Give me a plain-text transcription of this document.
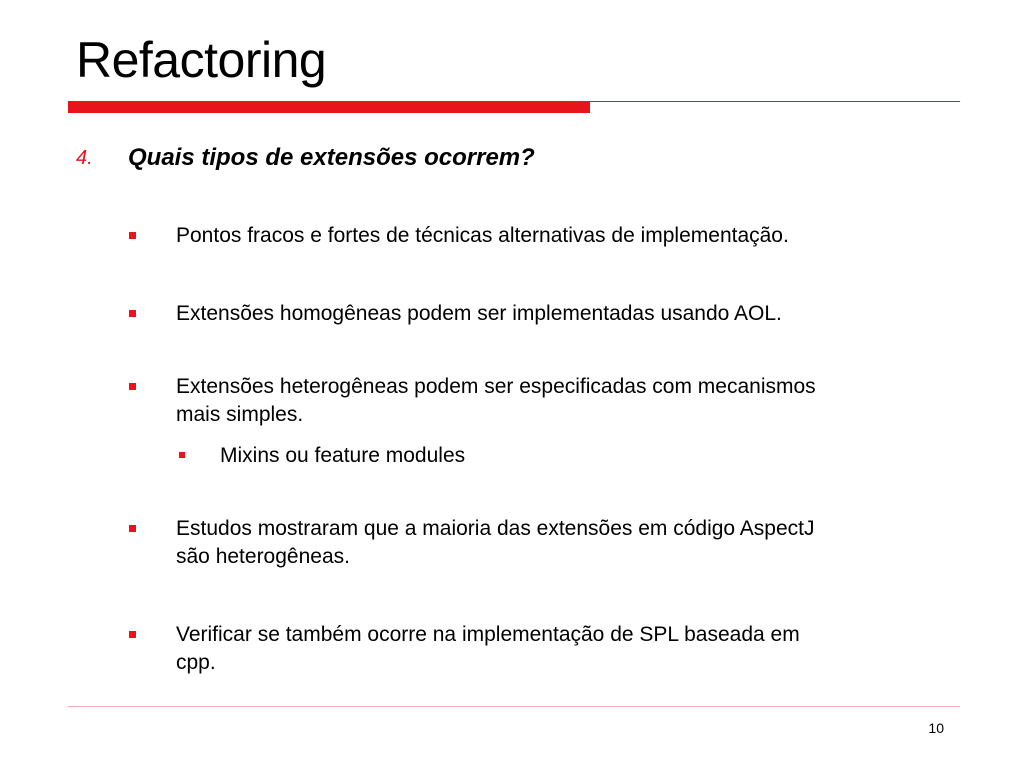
Refactoring
4. Quais tipos de extensões ocorrem?
Pontos fracos e fortes de técnicas alternativas de implementação.
Extensões homogêneas podem ser implementadas usando AOL.
Extensões heterogêneas podem ser especificadas com mecanismos
mais simples.
Mixins ou feature modules
Estudos mostraram que a maioria das extensões em código AspectJ
são heterogêneas.
Verificar se também ocorre na implementação de SPL baseada em
cpp.
10
